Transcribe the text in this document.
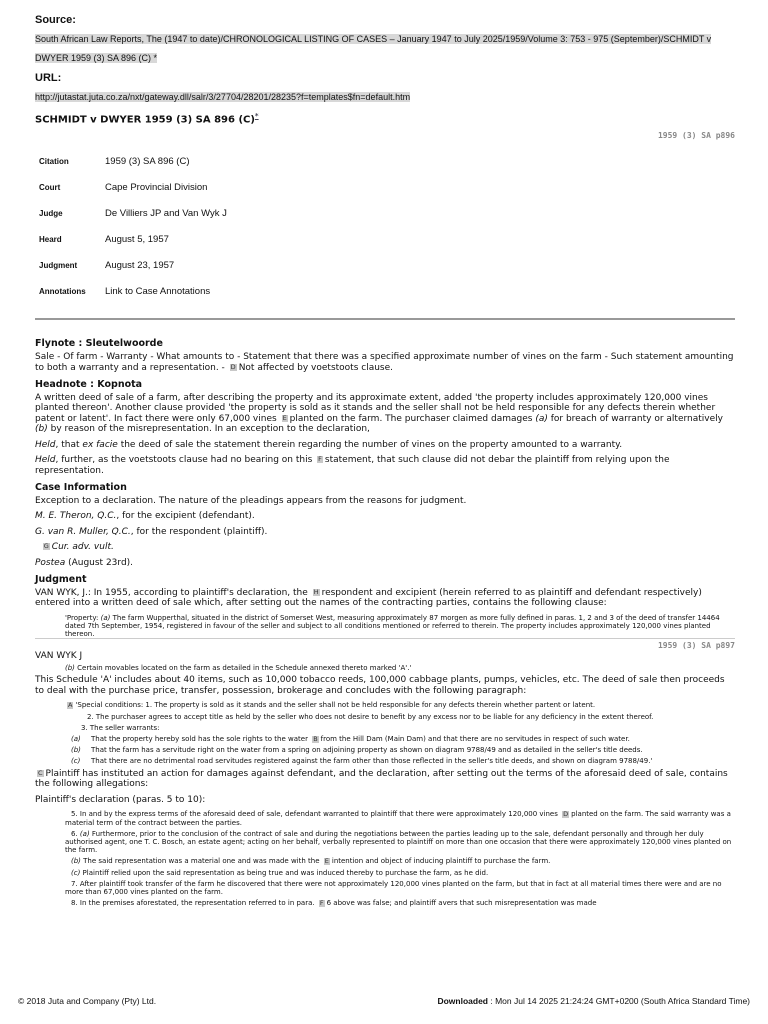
Source:
South African Law Reports, The (1947 to date)/CHRONOLOGICAL LISTING OF CASES – January 1947 to July 2025/1959/Volume 3: 753 - 975 (September)/SCHMIDT v DWYER 1959 (3) SA 896 (C) *
URL:
http://jutastat.juta.co.za/nxt/gateway.dll/salr/3/27704/28201/28235?f=templates$fn=default.htm
SCHMIDT v DWYER 1959 (3) SA 896 (C)*
1959 (3) SA p896
Citation	1959 (3) SA 896 (C)
Court	Cape Provincial Division
Judge	De Villiers JP and Van Wyk J
Heard	August 5, 1957
Judgment	August 23, 1957
Annotations	Link to Case Annotations
Flynote : Sleutelwoorde

Sale - Of farm - Warranty - What amounts to - Statement that there was a specified approximate number of vines on the farm - Such statement amounting to both a warranty and a representation. - D Not affected by voetstoots clause.

Headnote : Kopnota

A written deed of sale of a farm, after describing the property and its approximate extent, added 'the property includes approximately 120,000 vines planted thereon'. Another clause provided 'the property is sold as it stands and the seller shall not be held responsible for any defects therein whether patent or latent'. In fact there were only 67,000 vines E planted on the farm. The purchaser claimed damages (a) for breach of warranty or alternatively (b) by reason of the misrepresentation. In an exception to the declaration,

Held, that ex facie the deed of sale the statement therein regarding the number of vines on the property amounted to a warranty.

Held, further, as the voetstoots clause had no bearing on this F statement, that such clause did not debar the plaintiff from relying upon the representation.

Case Information

Exception to a declaration. The nature of the pleadings appears from the reasons for judgment.

M. E. Theron, Q.C., for the excipient (defendant).

G. van R. Muller, Q.C., for the respondent (plaintiff).

G Cur. adv. vult.

Postea (August 23rd).

Judgment

VAN WYK, J.: In 1955, according to plaintiff's declaration, the H respondent and excipient (herein referred to as plaintiff and defendant respectively) entered into a written deed of sale which, after setting out the names of the contracting parties, contains the following clause:

'Property: (a) The farm Wupperthal, situated in the district of Somerset West, measuring approximately 87 morgen as more fully defined in paras. 1, 2 and 3 of the deed of transfer 14464 dated 7th September, 1954, registered in favour of the seller and subject to all conditions mentioned or referred to therein. The property includes approximately 120,000 vines planted thereon.
1959 (3) SA p897

VAN WYK J

(b) Certain movables located on the farm as detailed in the Schedule annexed thereto marked 'A'.'

This Schedule 'A' includes about 40 items, such as 10,000 tobacco reeds, 100,000 cabbage plants, pumps, vehicles, etc. The deed of sale then proceeds to deal with the purchase price, transfer, possession, brokerage and concludes with the following paragraph:

A 'Special conditions: 1. The property is sold as it stands and the seller shall not be held responsible for any defects therein whether partent or latent.
2. The purchaser agrees to accept title as held by the seller who does not desire to benefit by any excess nor to be liable for any deficiency in the extent thereof.
3. The seller warrants:
(a)	That the property hereby sold has the sole rights to the water B from the Hill Dam (Main Dam) and that there are no servitudes in respect of such water.
(b)	That the farm has a servitude right on the water from a spring on adjoining property as shown on diagram 9788/49 and as detailed in the seller's title deeds.
(c)	That there are no detrimental road servitudes registered against the farm other than those reflected in the seller's title deeds, and shown on diagram 9788/49.'

C Plaintiff has instituted an action for damages against defendant, and the declaration, after setting out the terms of the aforesaid deed of sale, contains the following allegations:

Plaintiff's declaration (paras. 5 to 10):

5. In and by the express terms of the aforesaid deed of sale, defendant warranted to plaintiff that there were approximately 120,000 vines D planted on the farm. The said warranty was a material term of the contract between the parties.
6. (a) Furthermore, prior to the conclusion of the contract of sale and during the negotiations between the parties leading up to the sale, defendant personally and through her duly authorised agent, one T. C. Bosch, an estate agent; acting on her behalf, verbally represented to plaintiff on more than one occasion that there were approximately 120,000 vines planted on the farm.
(b) The said representation was a material one and was made with the E intention and object of inducing plaintiff to purchase the farm.
(c) Plaintiff relied upon the said representation as being true and was induced thereby to purchase the farm, as he did.
7. After plaintiff took transfer of the farm he discovered that there were not approximately 120,000 vines planted on the farm, but that in fact at all material times there were and are no more than 67,000 vines planted on the farm.
8. In the premises aforestated, the representation referred to in para. F 6 above was false; and plaintiff avers that such misrepresentation was made
© 2018 Juta and Company (Pty) Ltd.	Downloaded : Mon Jul 14 2025 21:24:24 GMT+0200 (South Africa Standard Time)
